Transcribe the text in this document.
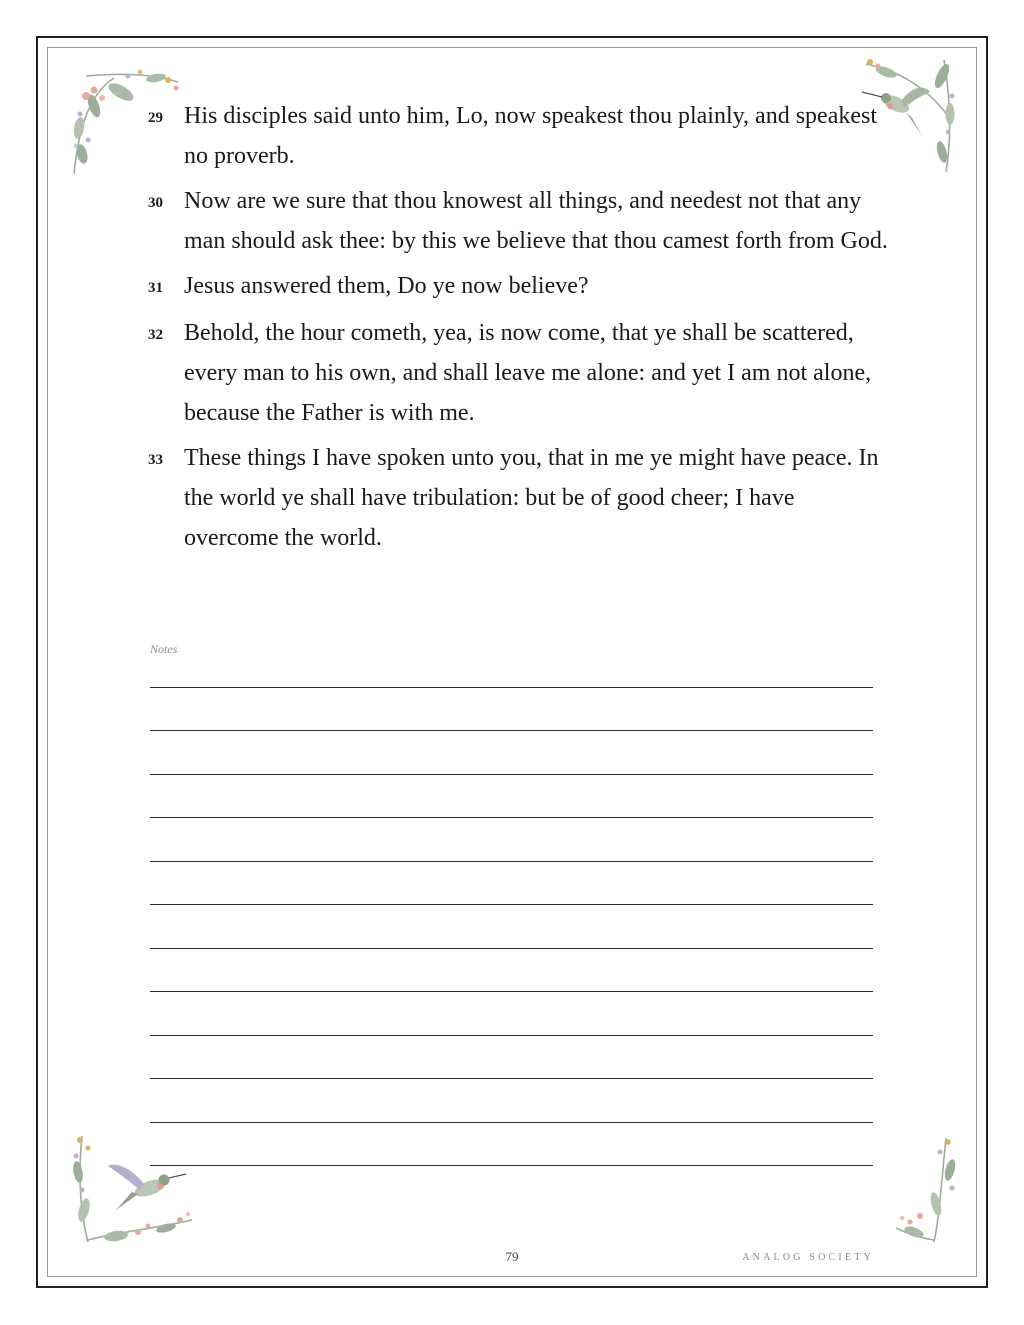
29 His disciples said unto him, Lo, now speakest thou plainly, and speakest no proverb.
30 Now are we sure that thou knowest all things, and needest not that any man should ask thee: by this we believe that thou camest forth from God.
31 Jesus answered them, Do ye now believe?
32 Behold, the hour cometh, yea, is now come, that ye shall be scattered, every man to his own, and shall leave me alone: and yet I am not alone, because the Father is with me.
33 These things I have spoken unto you, that in me ye might have peace. In the world ye shall have tribulation: but be of good cheer; I have overcome the world.
Notes
79	ANALOG SOCIETY
